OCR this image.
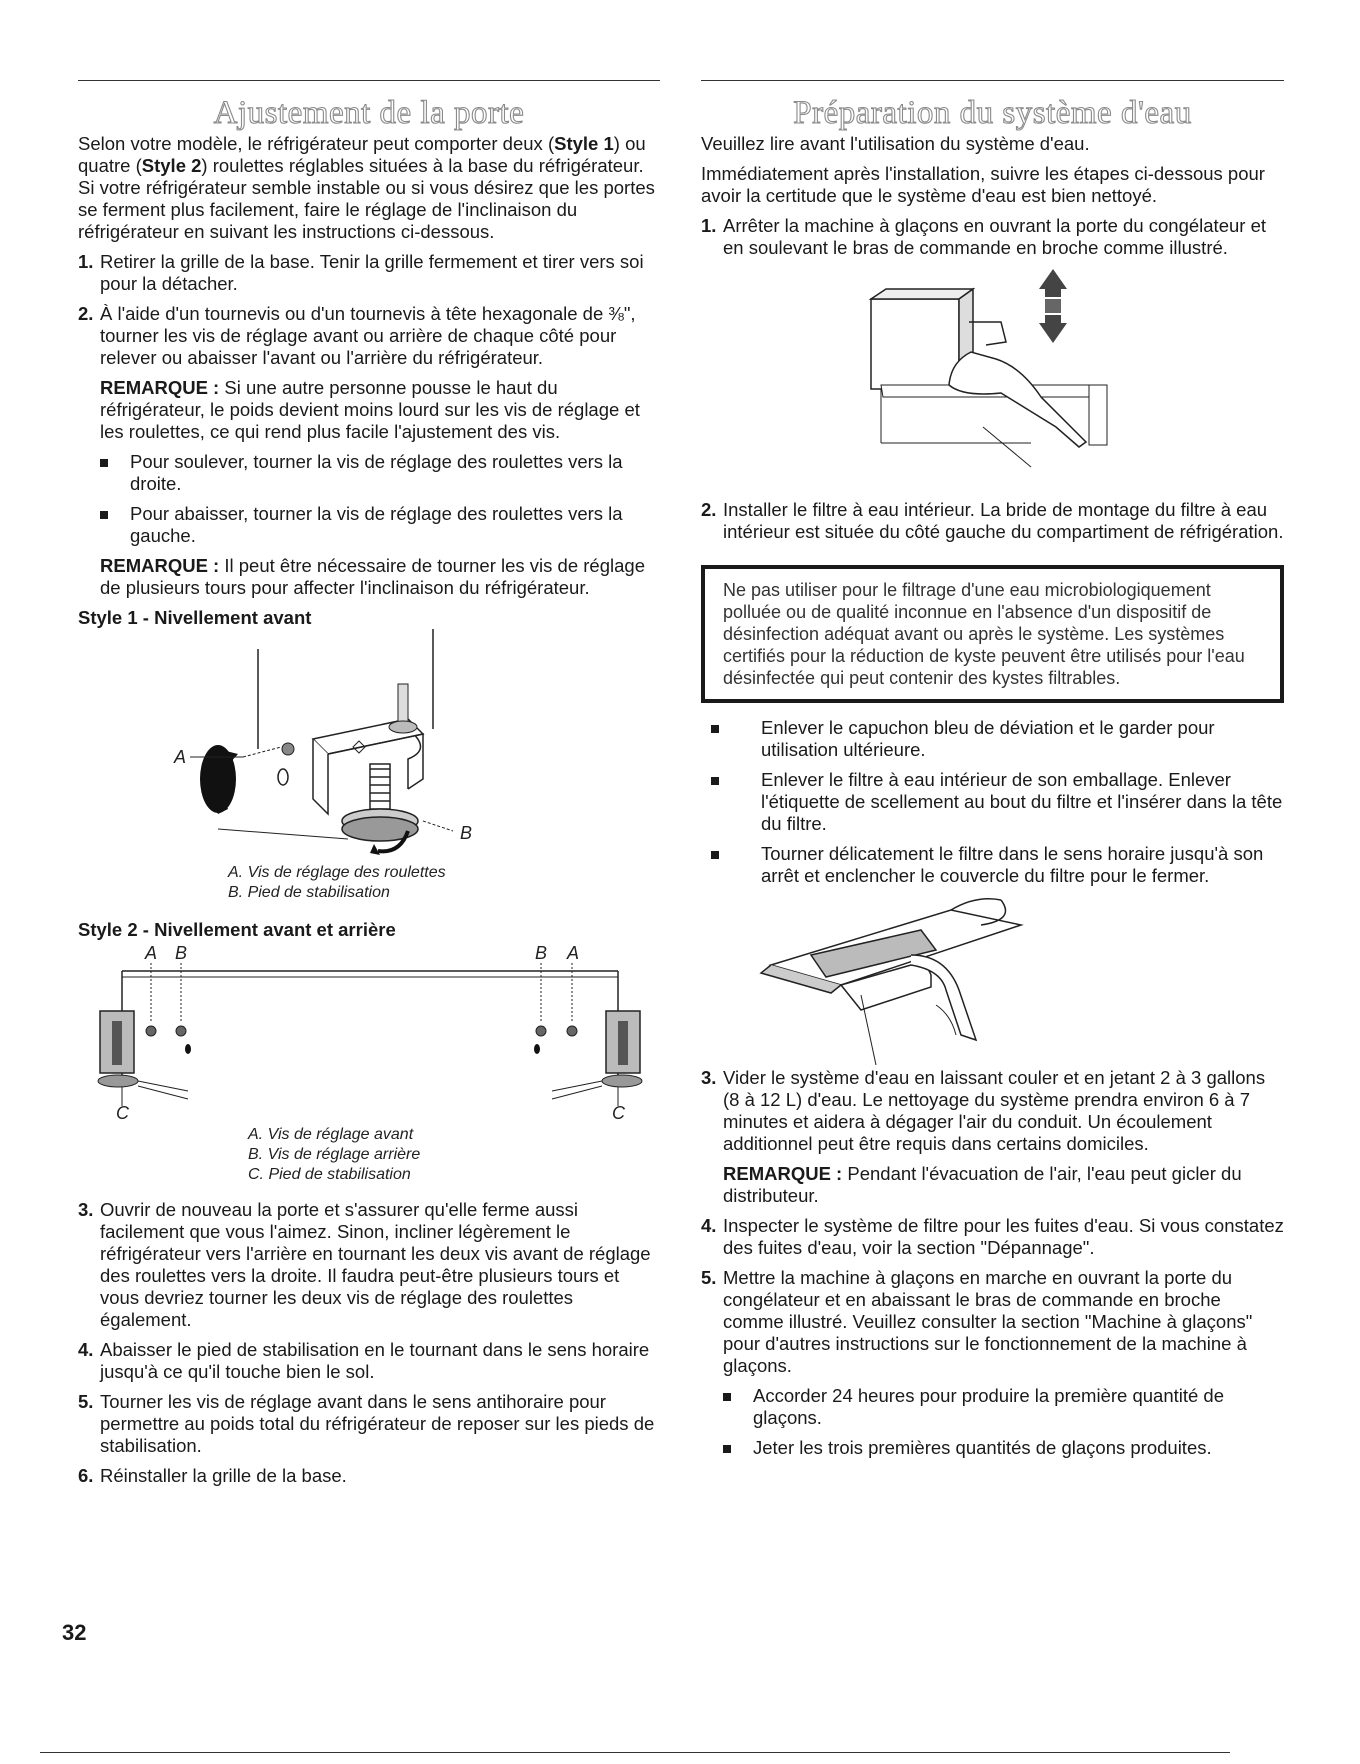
Ajustement de la porte

Selon votre modèle, le réfrigérateur peut comporter deux (Style 1) ou quatre (Style 2) roulettes réglables situées à la base du réfrigérateur. Si votre réfrigérateur semble instable ou si vous désirez que les portes se ferment plus facilement, faire le réglage de l'inclinaison du réfrigérateur en suivant les instructions ci-dessous.

1. Retirer la grille de la base. Tenir la grille fermement et tirer vers soi pour la détacher.
2. À l'aide d'un tournevis ou d'un tournevis à tête hexagonale de ⅜", tourner les vis de réglage avant ou arrière de chaque côté pour relever ou abaisser l'avant ou l'arrière du réfrigérateur.

REMARQUE : Si une autre personne pousse le haut du réfrigérateur, le poids devient moins lourd sur les vis de réglage et les roulettes, ce qui rend plus facile l'ajustement des vis.

Pour soulever, tourner la vis de réglage des roulettes vers la droite.
Pour abaisser, tourner la vis de réglage des roulettes vers la gauche.

REMARQUE : Il peut être nécessaire de tourner les vis de réglage de plusieurs tours pour affecter l'inclinaison du réfrigérateur.

Style 1 - Nivellement avant
A
B
A. Vis de réglage des roulettes
B. Pied de stabilisation
Style 2 - Nivellement avant et arrière
A B	B A
C	C
A. Vis de réglage avant
B. Vis de réglage arrière
C. Pied de stabilisation
3. Ouvrir de nouveau la porte et s'assurer qu'elle ferme aussi facilement que vous l'aimez. Sinon, incliner légèrement le réfrigérateur vers l'arrière en tournant les deux vis avant de réglage des roulettes vers la droite. Il faudra peut-être plusieurs tours et vous devriez tourner les deux vis de réglage des roulettes également.
4. Abaisser le pied de stabilisation en le tournant dans le sens horaire jusqu'à ce qu'il touche bien le sol.
5. Tourner les vis de réglage avant dans le sens antihoraire pour permettre au poids total du réfrigérateur de reposer sur les pieds de stabilisation.
6. Réinstaller la grille de la base.
Préparation du système d'eau

Veuillez lire avant l'utilisation du système d'eau.

Immédiatement après l'installation, suivre les étapes ci-dessous pour avoir la certitude que le système d'eau est bien nettoyé.

1. Arrêter la machine à glaçons en ouvrant la porte du congélateur et en soulevant le bras de commande en broche comme illustré.
2. Installer le filtre à eau intérieur. La bride de montage du filtre à eau intérieur est située du côté gauche du compartiment de réfrigération.
Ne pas utiliser pour le filtrage d'une eau microbiologiquement polluée ou de qualité inconnue en l'absence d'un dispositif de désinfection adéquat avant ou après le système. Les systèmes certifiés pour la réduction de kyste peuvent être utilisés pour l'eau désinfectée qui peut contenir des kystes filtrables.
Enlever le capuchon bleu de déviation et le garder pour utilisation ultérieure.
Enlever le filtre à eau intérieur de son emballage. Enlever l'étiquette de scellement au bout du filtre et l'insérer dans la tête du filtre.
Tourner délicatement le filtre dans le sens horaire jusqu'à son arrêt et enclencher le couvercle du filtre pour le fermer.
3. Vider le système d'eau en laissant couler et en jetant 2 à 3 gallons (8 à 12 L) d'eau. Le nettoyage du système prendra environ 6 à 7 minutes et aidera à dégager l'air du conduit. Un écoulement additionnel peut être requis dans certains domiciles.

REMARQUE : Pendant l'évacuation de l'air, l'eau peut gicler du distributeur.

4. Inspecter le système de filtre pour les fuites d'eau. Si vous constatez des fuites d'eau, voir la section "Dépannage".
5. Mettre la machine à glaçons en marche en ouvrant la porte du congélateur et en abaissant le bras de commande en broche comme illustré. Veuillez consulter la section "Machine à glaçons" pour d'autres instructions sur le fonctionnement de la machine à glaçons.
Accorder 24 heures pour produire la première quantité de glaçons.
Jeter les trois premières quantités de glaçons produites.
32
